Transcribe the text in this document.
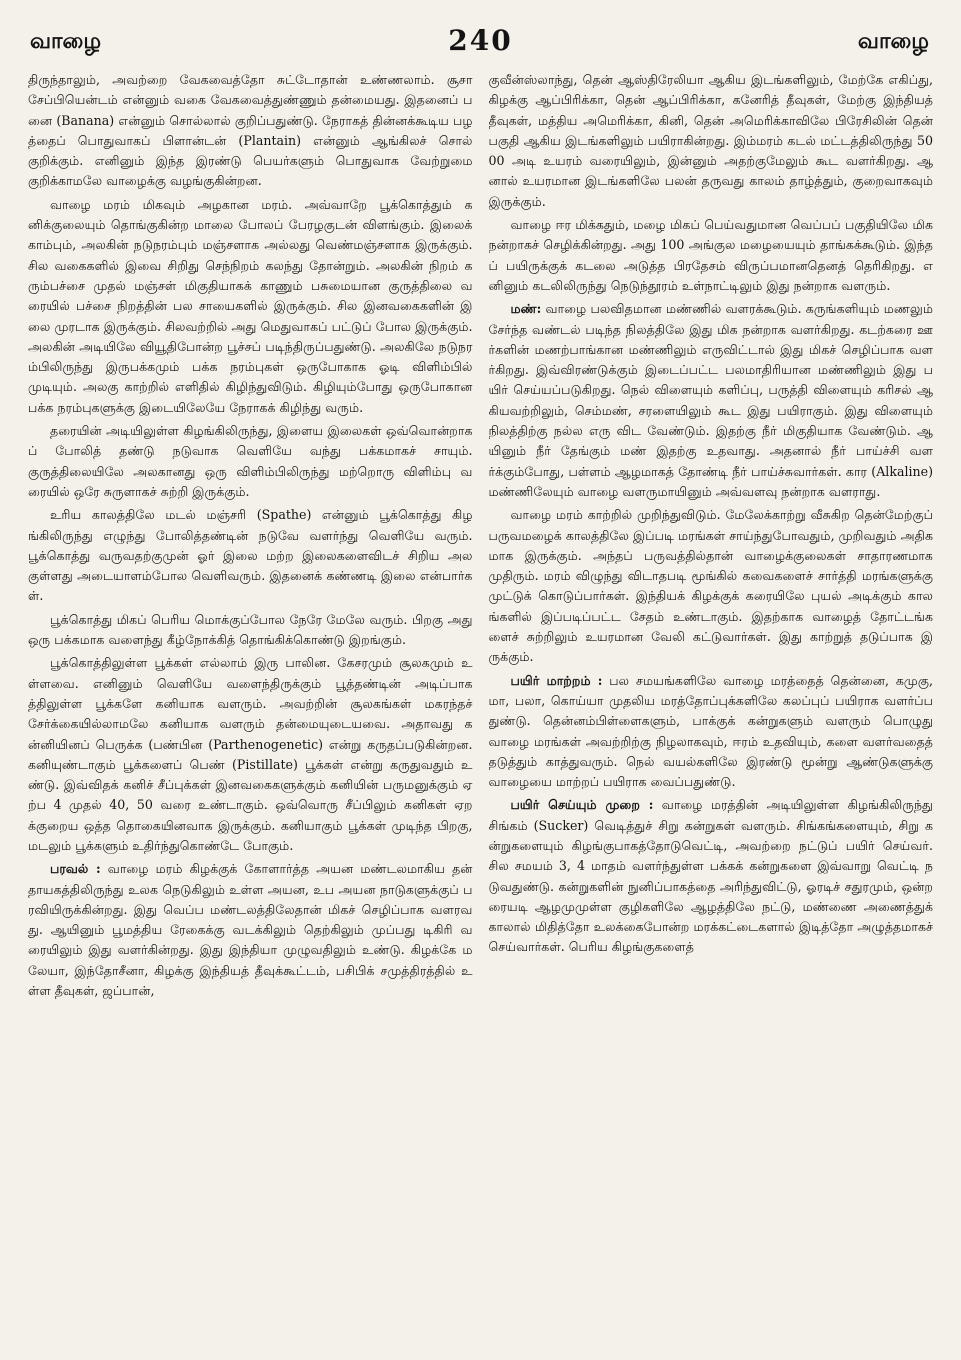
வாழை	240	வாழை

திருந்தாலும், அவற்றை வேகவைத்தோ சுட்டோதான் உண்ணலாம். சூசா சேப்பியென்டம் என்னும் வகை வேகவைத்துண்ணும் தன்மையது. இதனைப் பனை (Banana) என்னும் சொல்லால் குறிப்பதுண்டு. நேராகத் தின்னக்கூடிய பழத்தைப் பொதுவாகப் பிளான்டன் (Plantain) என்னும் ஆங்கிலச் சொல் குறிக்கும். எனினும் இந்த இரண்டு பெயர்களும் பொதுவாக வேற்றுமை குறிக்காமலே வாழைக்கு வழங்குகின்றன.

வாழை மரம் மிகவும் அழகான மரம். அவ்வாறே பூக்கொத்தும் கனிக்குலையும் தொங்குகின்ற மாலை போலப் பேரழகுடன் விளங்கும். இலைக் காம்பும், அலகின் நடுநரம்பும் மஞ்சளாக அல்லது வெண்மஞ்சளாக இருக்கும். சில வகைகளில் இவை சிறிது செந்நிறம் கலந்து தோன்றும். அலகின் நிறம் கரும்பச்சை முதல் மஞ்சள் மிகுதியாகக் காணும் பசுமையான குருத்திலை வரையில் பச்சை நிறத்தின் பல சாயைகளில் இருக்கும். சில இனவகைகளின் இலை முரடாக இருக்கும். சிலவற்றில் அது மெதுவாகப் பட்டுப் போல இருக்கும். அலகின் அடியிலே வியூதிபோன்ற பூச்சப் படிந்திருப்பதுண்டு. அலகிலே நடுநரம்பிலிருந்து இருபக்கமும் பக்க நரம்புகள் ஒருபோகாக ஓடி விளிம்பில் முடியும். அலகு காற்றில் எளிதில் கிழிந்துவிடும். கிழியும்போது ஒருபோகான பக்க நரம்புகளுக்கு இடையிலேயே நேராகக் கிழிந்து வரும்.

தரையின் அடியிலுள்ள கிழங்கிலிருந்து, இளைய இலைகள் ஒவ்வொன்றாகப் போலித் தண்டு நடுவாக வெளியே வந்து பக்கமாகச் சாயும். குருத்திலையிலே அலகானது ஒரு விளிம்பிலிருந்து மற்றொரு விளிம்பு வரையில் ஒரே சுருளாகச் சுற்றி இருக்கும்.

உரிய காலத்திலே மடல் மஞ்சரி (Spathe) என்னும் பூக்கொத்து கிழங்கிலிருந்து எழுந்து போலித்தண்டின் நடுவே வளர்ந்து வெளியே வரும். பூக்கொத்து வருவதற்குமுன் ஓர் இலை மற்ற இலைகளைவிடச் சிறிய அலகுள்ளது அடையாளம்போல வெளிவரும். இதனைக் கண்ணடி இலை என்பார்கள்.

பூக்கொத்து மிகப் பெரிய மொக்குப்போல நேரே மேலே வரும். பிறகு அது ஒரு பக்கமாக வளைந்து கீழ்நோக்கித் தொங்கிக்கொண்டு இறங்கும்.

பூக்கொத்திலுள்ள பூக்கள் எல்லாம் இரு பாலின. கேசரமும் சூலகமும் உள்ளவை. எனினும் வெளியே வளைந்திருக்கும் பூத்தண்டின் அடிப்பாகத்திலுள்ள பூக்களே கனியாக வளரும். அவற்றின் சூலகங்கள் மகரந்தச் சேர்க்கையில்லாமலே கனியாக வளரும் தன்மையுடையவை. அதாவது கன்னியினப் பெருக்க (பண்பின (Parthenogenetic) என்று கருதப்படுகின்றன. கனியுண்டாகும் பூக்களைப் பெண் (Pistillate) பூக்கள் என்று கருதுவதும் உண்டு. இவ்விதக் கனிச் சீப்புக்கள் இனவகைகளுக்கும் கனியின் பருமனுக்கும் ஏற்ப 4 முதல் 40, 50 வரை உண்டாகும். ஒவ்வொரு சீப்பிலும் கனிகள் ஏறக்குறைய ஒத்த தொகையினவாக இருக்கும். கனியாகும் பூக்கள் முடிந்த பிறகு, மடலும் பூக்களும் உதிர்ந்துகொண்டே போகும்.

பரவல் : வாழை மரம் கிழக்குக் கோளார்த்த அயன மண்டலமாகிய தன் தாயகத்திலிருந்து உலக நெடுகிலும் உள்ள அயன, உப அயன நாடுகளுக்குப் பரவியிருக்கின்றது. இது வெப்ப மண்டலத்திலேதான் மிகச் செழிப்பாக வளரவது. ஆயினும் பூமத்திய ரேகைக்கு வடக்கிலும் தெற்கிலும் முப்பது டிகிரி வரையிலும் இது வளர்கின்றது. இது இந்தியா முழுவதிலும் உண்டு. கிழக்கே மலேயா, இந்தோசீனா, கிழக்கு இந்தியத் தீவுக்கூட்டம், பசிபிக் சமுத்திரத்தில் உள்ள தீவுகள், ஜப்பான்,

குவீன்ஸ்லாந்து, தென் ஆஸ்திரேலியா ஆகிய இடங்களிலும், மேற்கே எகிப்து, கிழக்கு ஆப்பிரிக்கா, தென் ஆப்பிரிக்கா, கனேரித் தீவுகள், மேற்கு இந்தியத் தீவுகள், மத்திய அமெரிக்கா, கினி, தென் அமெரிக்காவிலே பிரேசிலின் தென் பகுதி ஆகிய இடங்களிலும் பயிராகின்றது. இம்மரம் கடல் மட்டத்திலிருந்து 5000 அடி உயரம் வரையிலும், இன்னும் அதற்குமேலும் கூட வளர்கிறது. ஆனால் உயரமான இடங்களிலே பலன் தருவது காலம் தாழ்த்தும், குறைவாகவும் இருக்கும்.

வாழை ஈர மிக்கதும், மழை மிகப் பெய்வதுமான வெப்பப் பகுதியிலே மிக நன்றாகச் செழிக்கின்றது. அது 100 அங்குல மழையையும் தாங்கக்கூடும். இந்தப் பயிருக்குக் கடலை அடுத்த பிரதேசம் விருப்பமானதெனத் தெரிகிறது. எனினும் கடலிலிருந்து நெடுந்தூரம் உள்நாட்டிலும் இது நன்றாக வளரும்.

மண்: வாழை பலவிதமான மண்ணில் வளரக்கூடும். கருங்களியும் மணலும் சேர்ந்த வண்டல் படிந்த நிலத்திலே இது மிக நன்றாக வளர்கிறது. கடற்கரை ஊர்களின் மணற்பாங்கான மண்ணிலும் எருவிட்டால் இது மிகச் செழிப்பாக வளர்கிறது. இவ்விரண்டுக்கும் இடைப்பட்ட பலமாதிரியான மண்ணிலும் இது பயிர் செய்யப்படுகிறது. நெல் விளையும் களிப்பு, பருத்தி விளையும் கரிசல் ஆகியவற்றிலும், செம்மண், சரளையிலும் கூட இது பயிராகும். இது விளையும் நிலத்திற்கு நல்ல எரு விட வேண்டும். இதற்கு நீர் மிகுதியாக வேண்டும். ஆயினும் நீர் தேங்கும் மண் இதற்கு உதவாது. அதனால் நீர் பாய்ச்சி வளர்க்கும்போது, பள்ளம் ஆழமாகத் தோண்டி நீர் பாய்ச்சுவார்கள். கார (Alkaline) மண்ணிலேயும் வாழை வளருமாயினும் அவ்வளவு நன்றாக வளராது.

வாழை மரம் காற்றில் முறிந்துவிடும். மேலேக்காற்று வீசுகிற தென்மேற்குப் பருவமழைக் காலத்திலே இப்படி மரங்கள் சாய்ந்துபோவதும், முறிவதும் அதிகமாக இருக்கும். அந்தப் பருவத்தில்தான் வாழைக்குலைகள் சாதாரணமாக முதிரும். மரம் விழுந்து விடாதபடி மூங்கில் கவைகளைச் சார்த்தி மரங்களுக்கு முட்டுக் கொடுப்பார்கள். இந்தியக் கிழக்குக் கரையிலே புயல் அடிக்கும் காலங்களில் இப்படிப்பட்ட சேதம் உண்டாகும். இதற்காக வாழைத் தோட்டங்களைச் சுற்றிலும் உயரமான வேலி கட்டுவார்கள். இது காற்றுத் தடுப்பாக இருக்கும்.

பயிர் மாற்றம் : பல சமயங்களிலே வாழை மரத்தைத் தென்னை, கமுகு, மா, பலா, கொய்யா முதலிய மரத்தோப்புக்களிலே கலப்புப் பயிராக வளர்ப்பதுண்டு. தென்னம்பிள்ளைகளும், பாக்குக் கன்றுகளும் வளரும் பொழுது வாழை மரங்கள் அவற்றிற்கு நிழலாகவும், ஈரம் உதவியும், களை வளர்வதைத் தடுத்தும் காத்துவரும். நெல் வயல்களிலே இரண்டு மூன்று ஆண்டுகளுக்கு வாழையை மாற்றப் பயிராக வைப்பதுண்டு.

பயிர் செய்யும் முறை : வாழை மரத்தின் அடியிலுள்ள கிழங்கிலிருந்து சிங்கம் (Sucker) வெடித்துச் சிறு கன்றுகள் வளரும். சிங்கங்களையும், சிறு கன்றுகளையும் கிழங்குபாகத்தோடுவெட்டி, அவற்றை நட்டுப் பயிர் செய்வர். சில சமயம் 3, 4 மாதம் வளர்ந்துள்ள பக்கக் கன்றுகளை இவ்வாறு வெட்டி நடுவதுண்டு. கன்றுகளின் நுனிப்பாகத்தை அரிந்துவிட்டு, ஓரடிச் சதுரமும், ஒன்றரையடி ஆழமுமுள்ள குழிகளிலே ஆழத்திலே நட்டு, மண்ணை அணைத்துக் காலால் மிதித்தோ உலக்கைபோன்ற மரக்கட்டைகளால் இடித்தோ அழுத்தமாகச் செய்வார்கள். பெரிய கிழங்குகளைத்
